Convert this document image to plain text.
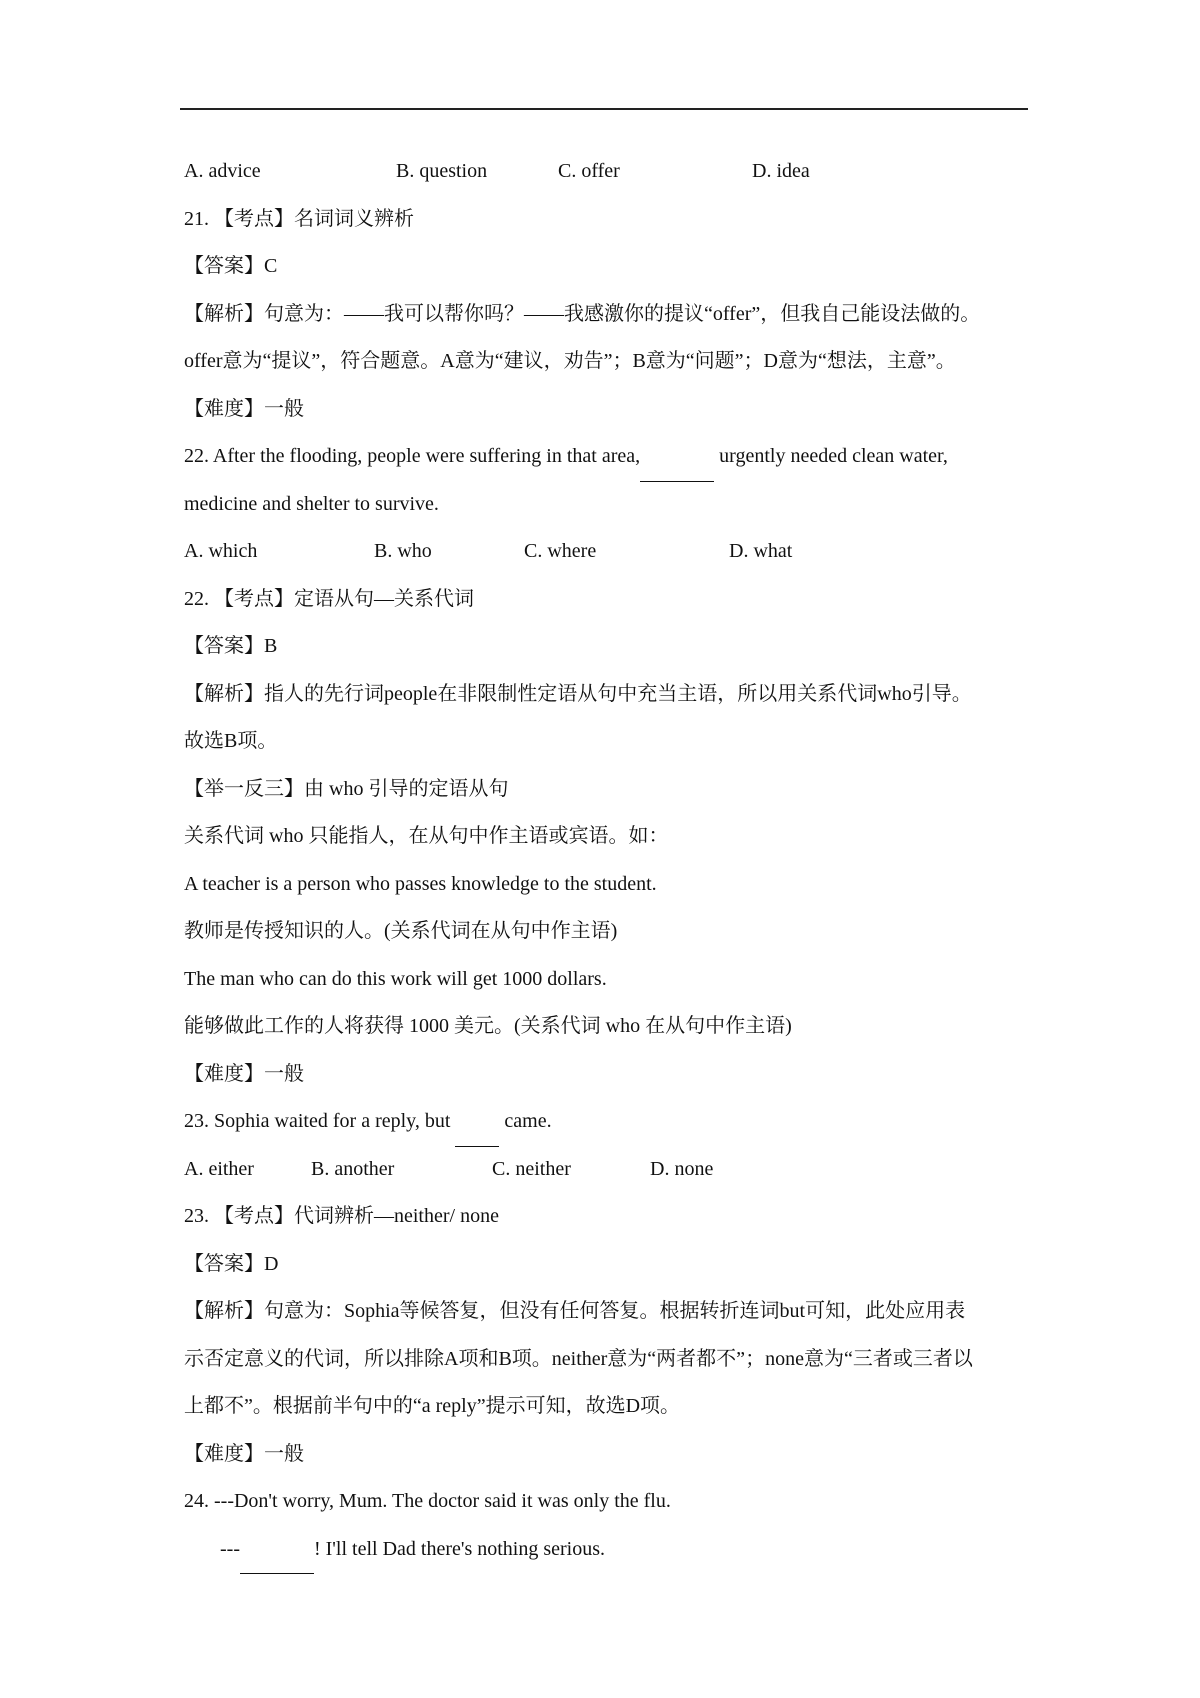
A. advice	B. question	C. offer	D. idea
21. 【考点】名词词义辨析
【答案】C
【解析】句意为：——我可以帮你吗？——我感激你的提议“offer”，但我自己能设法做的。
offer意为“提议”，符合题意。A意为“建议，劝告”；B意为“问题”；D意为“想法，主意”。
【难度】一般
22. After the flooding, people were suffering in that area,	urgently needed clean water,
medicine and shelter to survive.
A. which	B. who	C. where	D. what
22. 【考点】定语从句—关系代词
【答案】B
【解析】指人的先行词people在非限制性定语从句中充当主语，所以用关系代词who引导。
故选B项。
【举一反三】由 who 引导的定语从句
关系代词 who 只能指人，在从句中作主语或宾语。如：
A teacher is a person who passes knowledge to the student.
教师是传授知识的人。(关系代词在从句中作主语)
The man who can do this work will get 1000 dollars.
能够做此工作的人将获得 1000 美元。(关系代词 who 在从句中作主语)
【难度】一般
23. Sophia waited for a reply, but   came.
A. either	B. another	C. neither	D. none
23. 【考点】代词辨析—neither/ none
【答案】D
【解析】句意为：Sophia等候答复，但没有任何答复。根据转折连词but可知，此处应用表
示否定意义的代词，所以排除A项和B项。neither意为“两者都不”；none意为“三者或三者以
上都不”。根据前半句中的“a reply”提示可知，故选D项。
【难度】一般
24. ---Don't worry, Mum. The doctor said it was only the flu.
---	! I'll tell Dad there's nothing serious.
